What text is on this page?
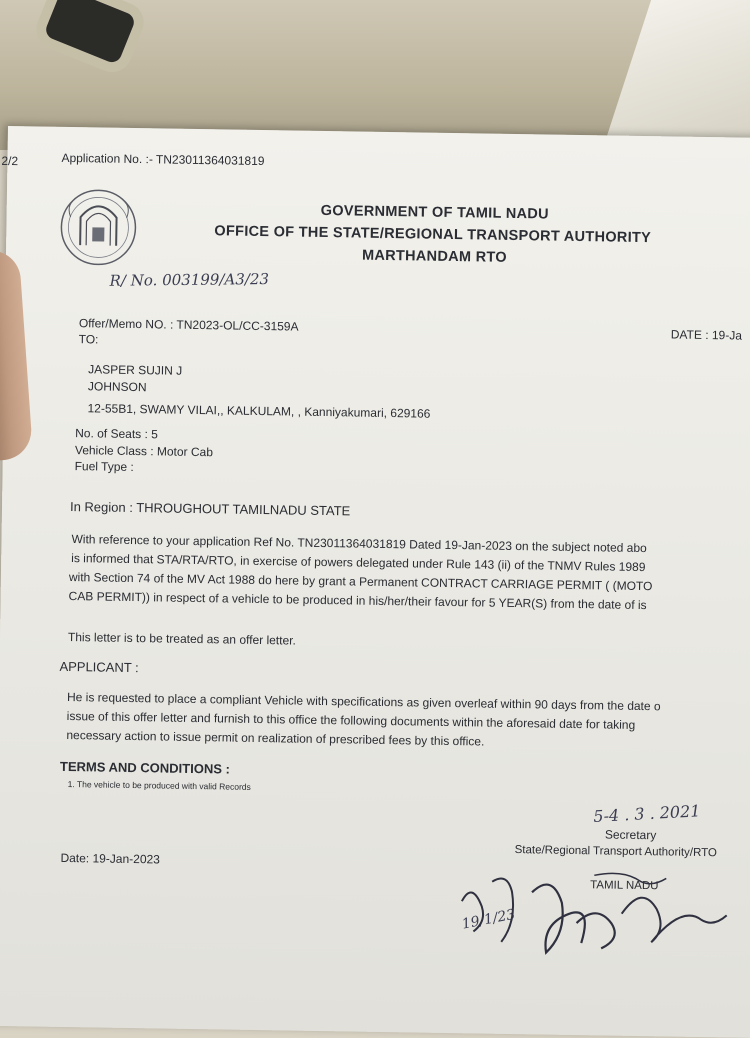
2/2	Application No. :- TN23011364031819
GOVERNMENT OF TAMIL NADU
OFFICE OF THE STATE/REGIONAL TRANSPORT AUTHORITY
MARTHANDAM RTO
R/ No. 003199/A3/23
Offer/Memo NO. : TN2023-OL/CC-3159A
DATE : 19-Ja
TO:
JASPER SUJIN J
JOHNSON
12-55B1, SWAMY VILAI,, KALKULAM, , Kanniyakumari, 629166
No. of Seats : 5
Vehicle Class : Motor Cab
Fuel Type :
In Region : THROUGHOUT TAMILNADU STATE
With reference to your application Ref No. TN23011364031819 Dated 19-Jan-2023 on the subject noted abo
is informed that STA/RTA/RTO, in exercise of powers delegated under Rule 143 (ii) of the TNMV Rules 1989
with Section 74 of the MV Act 1988 do here by grant a Permanent CONTRACT CARRIAGE PERMIT ( (MOTO
CAB PERMIT)) in respect of a vehicle to be produced in his/her/their favour for 5 YEAR(S) from the date of is
This letter is to be treated as an offer letter.
APPLICANT :
He is requested to place a compliant Vehicle with specifications as given overleaf within 90 days from the date o
issue of this offer letter and furnish to this office the following documents within the aforesaid date for taking
necessary action to issue permit on realization of prescribed fees by this office.
TERMS AND CONDITIONS :
1. The vehicle to be produced with valid Records
5-4 . 3 . 2021
Secretary
State/Regional Transport Authority/RTO
Date: 19-Jan-2023
TAMIL NADU
19/1/23
